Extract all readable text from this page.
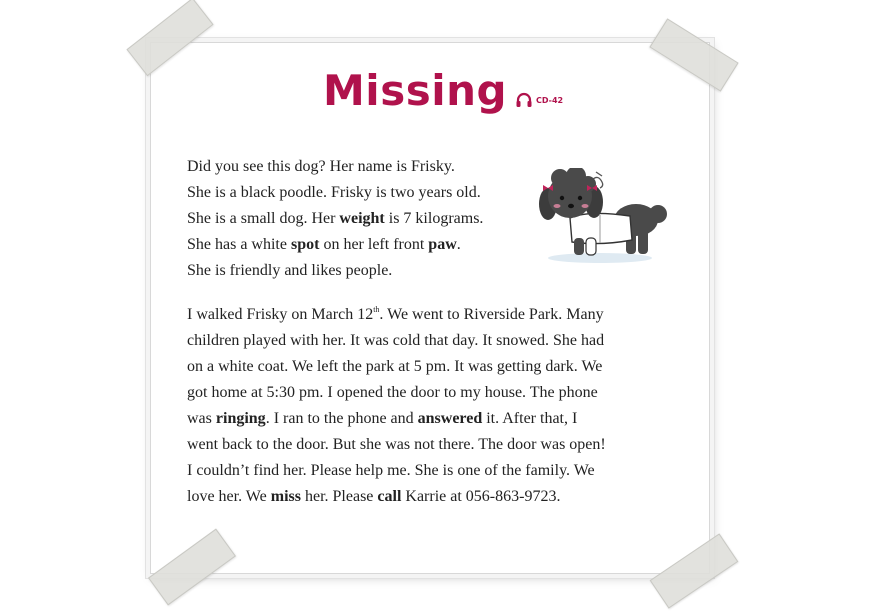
Missing	CD-42
Did you see this dog? Her name is Frisky.
She is a black poodle. Frisky is two years old.
She is a small dog. Her weight is 7 kilograms.
She has a white spot on her left front paw.
She is friendly and likes people.
I walked Frisky on March 12th. We went to Riverside Park. Many
children played with her. It was cold that day. It snowed. She had
on a white coat. We left the park at 5 pm. It was getting dark. We
got home at 5:30 pm. I opened the door to my house. The phone
was ringing. I ran to the phone and answered it. After that, I
went back to the door. But she was not there. The door was open!
I couldn’t find her. Please help me. She is one of the family. We
love her. We miss her. Please call Karrie at 056-863-9723.
